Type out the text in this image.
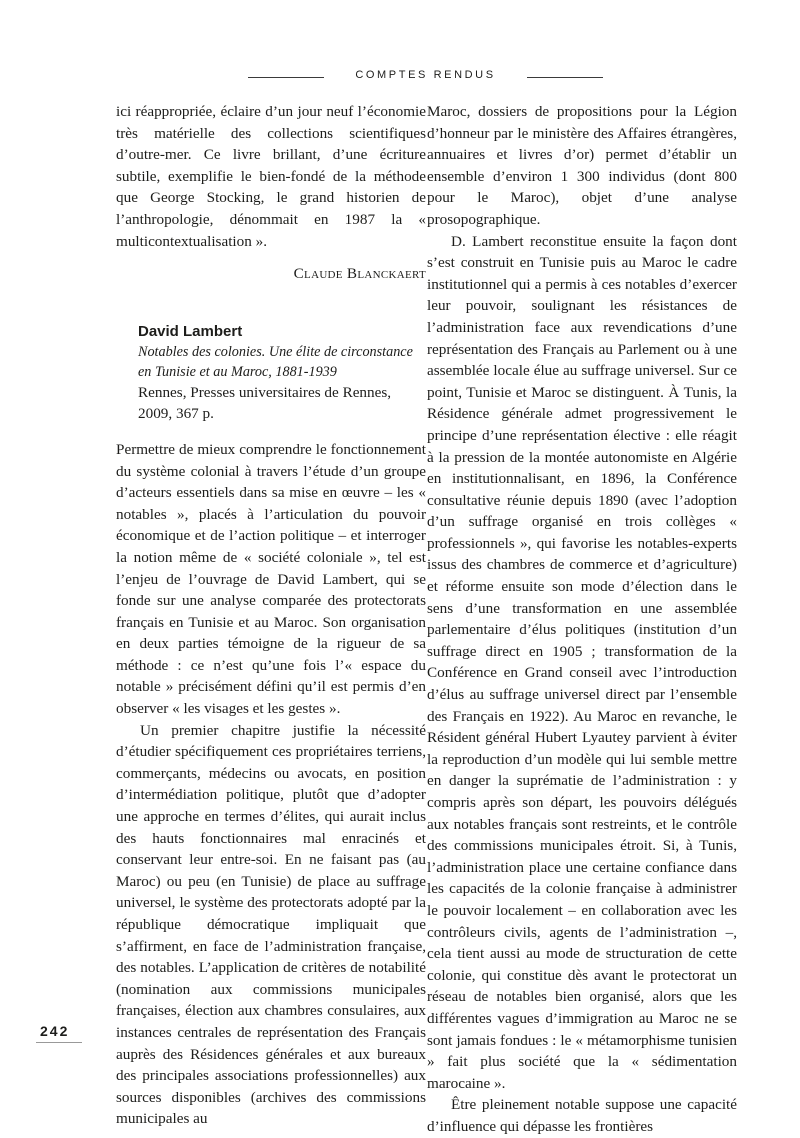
COMPTES RENDUS

ici réappropriée, éclaire d’un jour neuf l’économie très matérielle des collections scientifiques d’outre-mer. Ce livre brillant, d’une écriture subtile, exemplifie le bien-fondé de la méthode que George Stocking, le grand historien de l’anthropologie, dénommait en 1987 la « multicontextualisation ».

Claude Blanckaert
David Lambert
Notables des colonies. Une élite de circonstance en Tunisie et au Maroc, 1881-1939
Rennes, Presses universitaires de Rennes, 2009, 367 p.

Permettre de mieux comprendre le fonctionnement du système colonial à travers l’étude d’un groupe d’acteurs essentiels dans sa mise en œuvre – les « notables », placés à l’articulation du pouvoir économique et de l’action politique – et interroger la notion même de « société coloniale », tel est l’enjeu de l’ouvrage de David Lambert, qui se fonde sur une analyse comparée des protectorats français en Tunisie et au Maroc. Son organisation en deux parties témoigne de la rigueur de sa méthode : ce n’est qu’une fois l’« espace du notable » précisément défini qu’il est permis d’en observer « les visages et les gestes ».

Un premier chapitre justifie la nécessité d’étudier spécifiquement ces propriétaires terriens, commerçants, médecins ou avocats, en position d’intermédiation politique, plutôt que d’adopter une approche en termes d’élites, qui aurait inclus des hauts fonctionnaires mal enracinés et conservant leur entre-soi. En ne faisant pas (au Maroc) ou peu (en Tunisie) de place au suffrage universel, le système des protectorats adopté par la république démocratique impliquait que s’affirment, en face de l’administration française, des notables. L’application de critères de notabilité (nomination aux commissions municipales françaises, élection aux chambres consulaires, aux instances centrales de représentation des Français auprès des Résidences générales et aux bureaux des principales associations professionnelles) aux sources disponibles (archives des commissions municipales au

Maroc, dossiers de propositions pour la Légion d’honneur par le ministère des Affaires étrangères, annuaires et livres d’or) permet d’établir un ensemble d’environ 1 300 individus (dont 800 pour le Maroc), objet d’une analyse prosopographique.

D. Lambert reconstitue ensuite la façon dont s’est construit en Tunisie puis au Maroc le cadre institutionnel qui a permis à ces notables d’exercer leur pouvoir, soulignant les résistances de l’administration face aux revendications d’une représentation des Français au Parlement ou à une assemblée locale élue au suffrage universel. Sur ce point, Tunisie et Maroc se distinguent. À Tunis, la Résidence générale admet progressivement le principe d’une représentation élective : elle réagit à la pression de la montée autonomiste en Algérie en institutionnalisant, en 1896, la Conférence consultative réunie depuis 1890 (avec l’adoption d’un suffrage organisé en trois collèges « professionnels », qui favorise les notables-experts issus des chambres de commerce et d’agriculture) et réforme ensuite son mode d’élection dans le sens d’une transformation en une assemblée parlementaire d’élus politiques (institution d’un suffrage direct en 1905 ; transformation de la Conférence en Grand conseil avec l’introduction d’élus au suffrage universel direct par l’ensemble des Français en 1922). Au Maroc en revanche, le Résident général Hubert Lyautey parvient à éviter la reproduction d’un modèle qui lui semble mettre en danger la suprématie de l’administration : y compris après son départ, les pouvoirs délégués aux notables français sont restreints, et le contrôle des commissions municipales étroit. Si, à Tunis, l’administration place une certaine confiance dans les capacités de la colonie française à administrer le pouvoir localement – en collaboration avec les contrôleurs civils, agents de l’administration –, cela tient aussi au mode de structuration de cette colonie, qui constitue dès avant le protectorat un réseau de notables bien organisé, alors que les différentes vagues d’immigration au Maroc ne se sont jamais fondues : le « métamorphisme tunisien » fait plus société que la « sédimentation marocaine ».

Être pleinement notable suppose une capacité d’influence qui dépasse les frontières

242
